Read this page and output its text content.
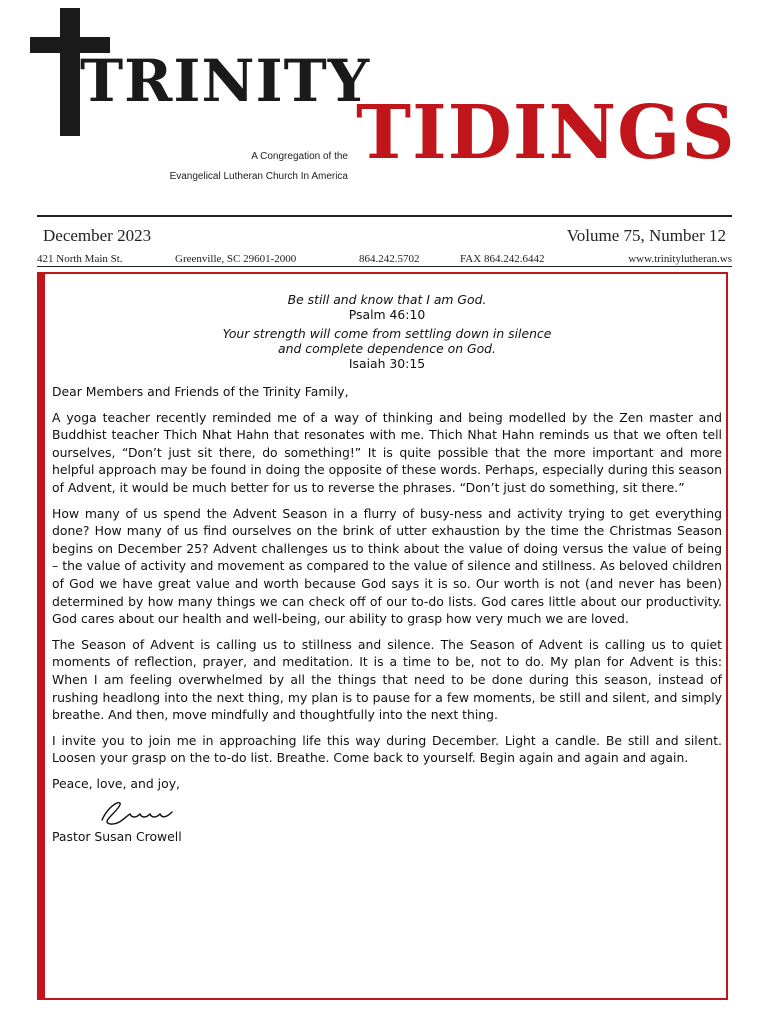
TRINITY
TIDINGS
A Congregation of the
Evangelical Lutheran Church In America
December 2023	Volume 75, Number 12
421 North Main St.	Greenville, SC 29601-2000	864.242.5702	FAX 864.242.6442	www.trinitylutheran.ws
Be still and know that I am God.
Psalm 46:10
Your strength will come from settling down in silence
and complete dependence on God.
Isaiah 30:15

Dear Members and Friends of the Trinity Family,

A yoga teacher recently reminded me of a way of thinking and being modelled by the Zen master and Buddhist teacher Thich Nhat Hahn that resonates with me. Thich Nhat Hahn reminds us that we often tell ourselves, “Don’t just sit there, do something!” It is quite possible that the more important and more helpful approach may be found in doing the opposite of these words. Perhaps, especially during this season of Advent, it would be much better for us to reverse the phrases. “Don’t just do something, sit there.”

How many of us spend the Advent Season in a flurry of busy-ness and activity trying to get everything done? How many of us find ourselves on the brink of utter exhaustion by the time the Christmas Season begins on December 25? Advent challenges us to think about the value of doing versus the value of being – the value of activity and movement as compared to the value of silence and stillness. As beloved children of God we have great value and worth because God says it is so. Our worth is not (and never has been) determined by how many things we can check off of our to-do lists. God cares little about our productivity. God cares about our health and well-being, our ability to grasp how very much we are loved.

The Season of Advent is calling us to stillness and silence. The Season of Advent is calling us to quiet moments of reflection, prayer, and meditation. It is a time to be, not to do. My plan for Advent is this: When I am feeling overwhelmed by all the things that need to be done during this season, instead of rushing headlong into the next thing, my plan is to pause for a few moments, be still and silent, and simply breathe. And then, move mindfully and thoughtfully into the next thing.

I invite you to join me in approaching life this way during December. Light a candle. Be still and silent. Loosen your grasp on the to-do list. Breathe. Come back to yourself. Begin again and again and again.

Peace, love, and joy,

Pastor Susan Crowell
